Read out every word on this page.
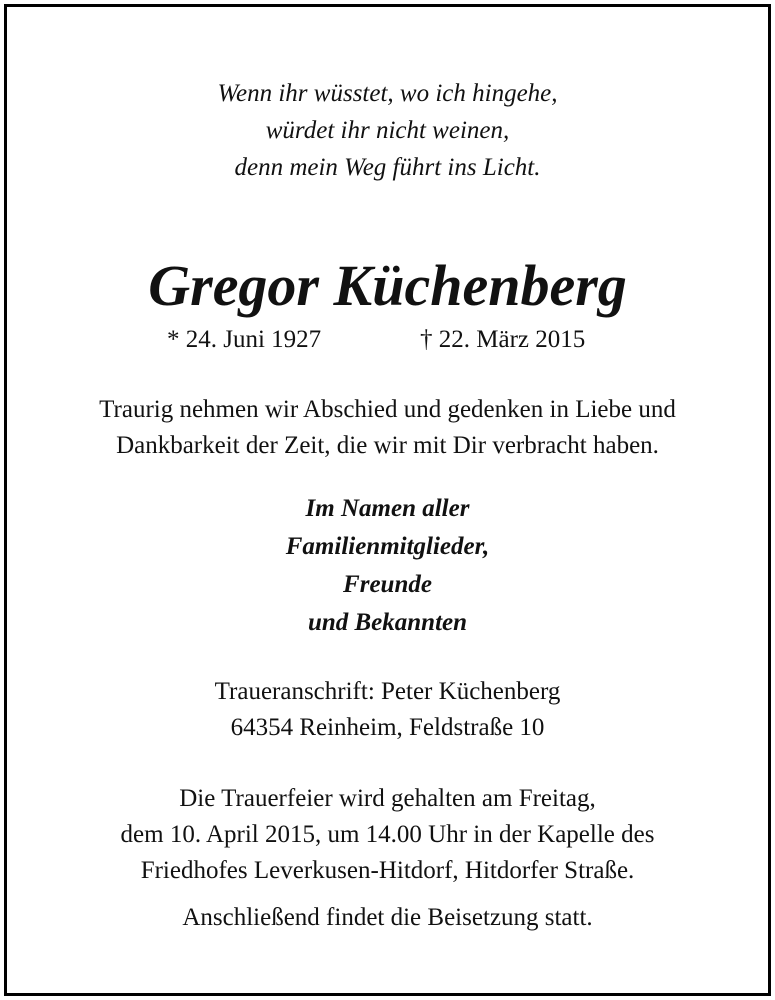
Wenn ihr wüsstet, wo ich hingehe,
würdet ihr nicht weinen,
denn mein Weg führt ins Licht.
Gregor Küchenberg
* 24. Juni 1927	† 22. März 2015
Traurig nehmen wir Abschied und gedenken in Liebe und
Dankbarkeit der Zeit, die wir mit Dir verbracht haben.
Im Namen aller
Familienmitglieder,
Freunde
und Bekannten
Traueranschrift: Peter Küchenberg
64354 Reinheim, Feldstraße 10
Die Trauerfeier wird gehalten am Freitag,
dem 10. April 2015, um 14.00 Uhr in der Kapelle des
Friedhofes Leverkusen-Hitdorf, Hitdorfer Straße.
Anschließend findet die Beisetzung statt.
